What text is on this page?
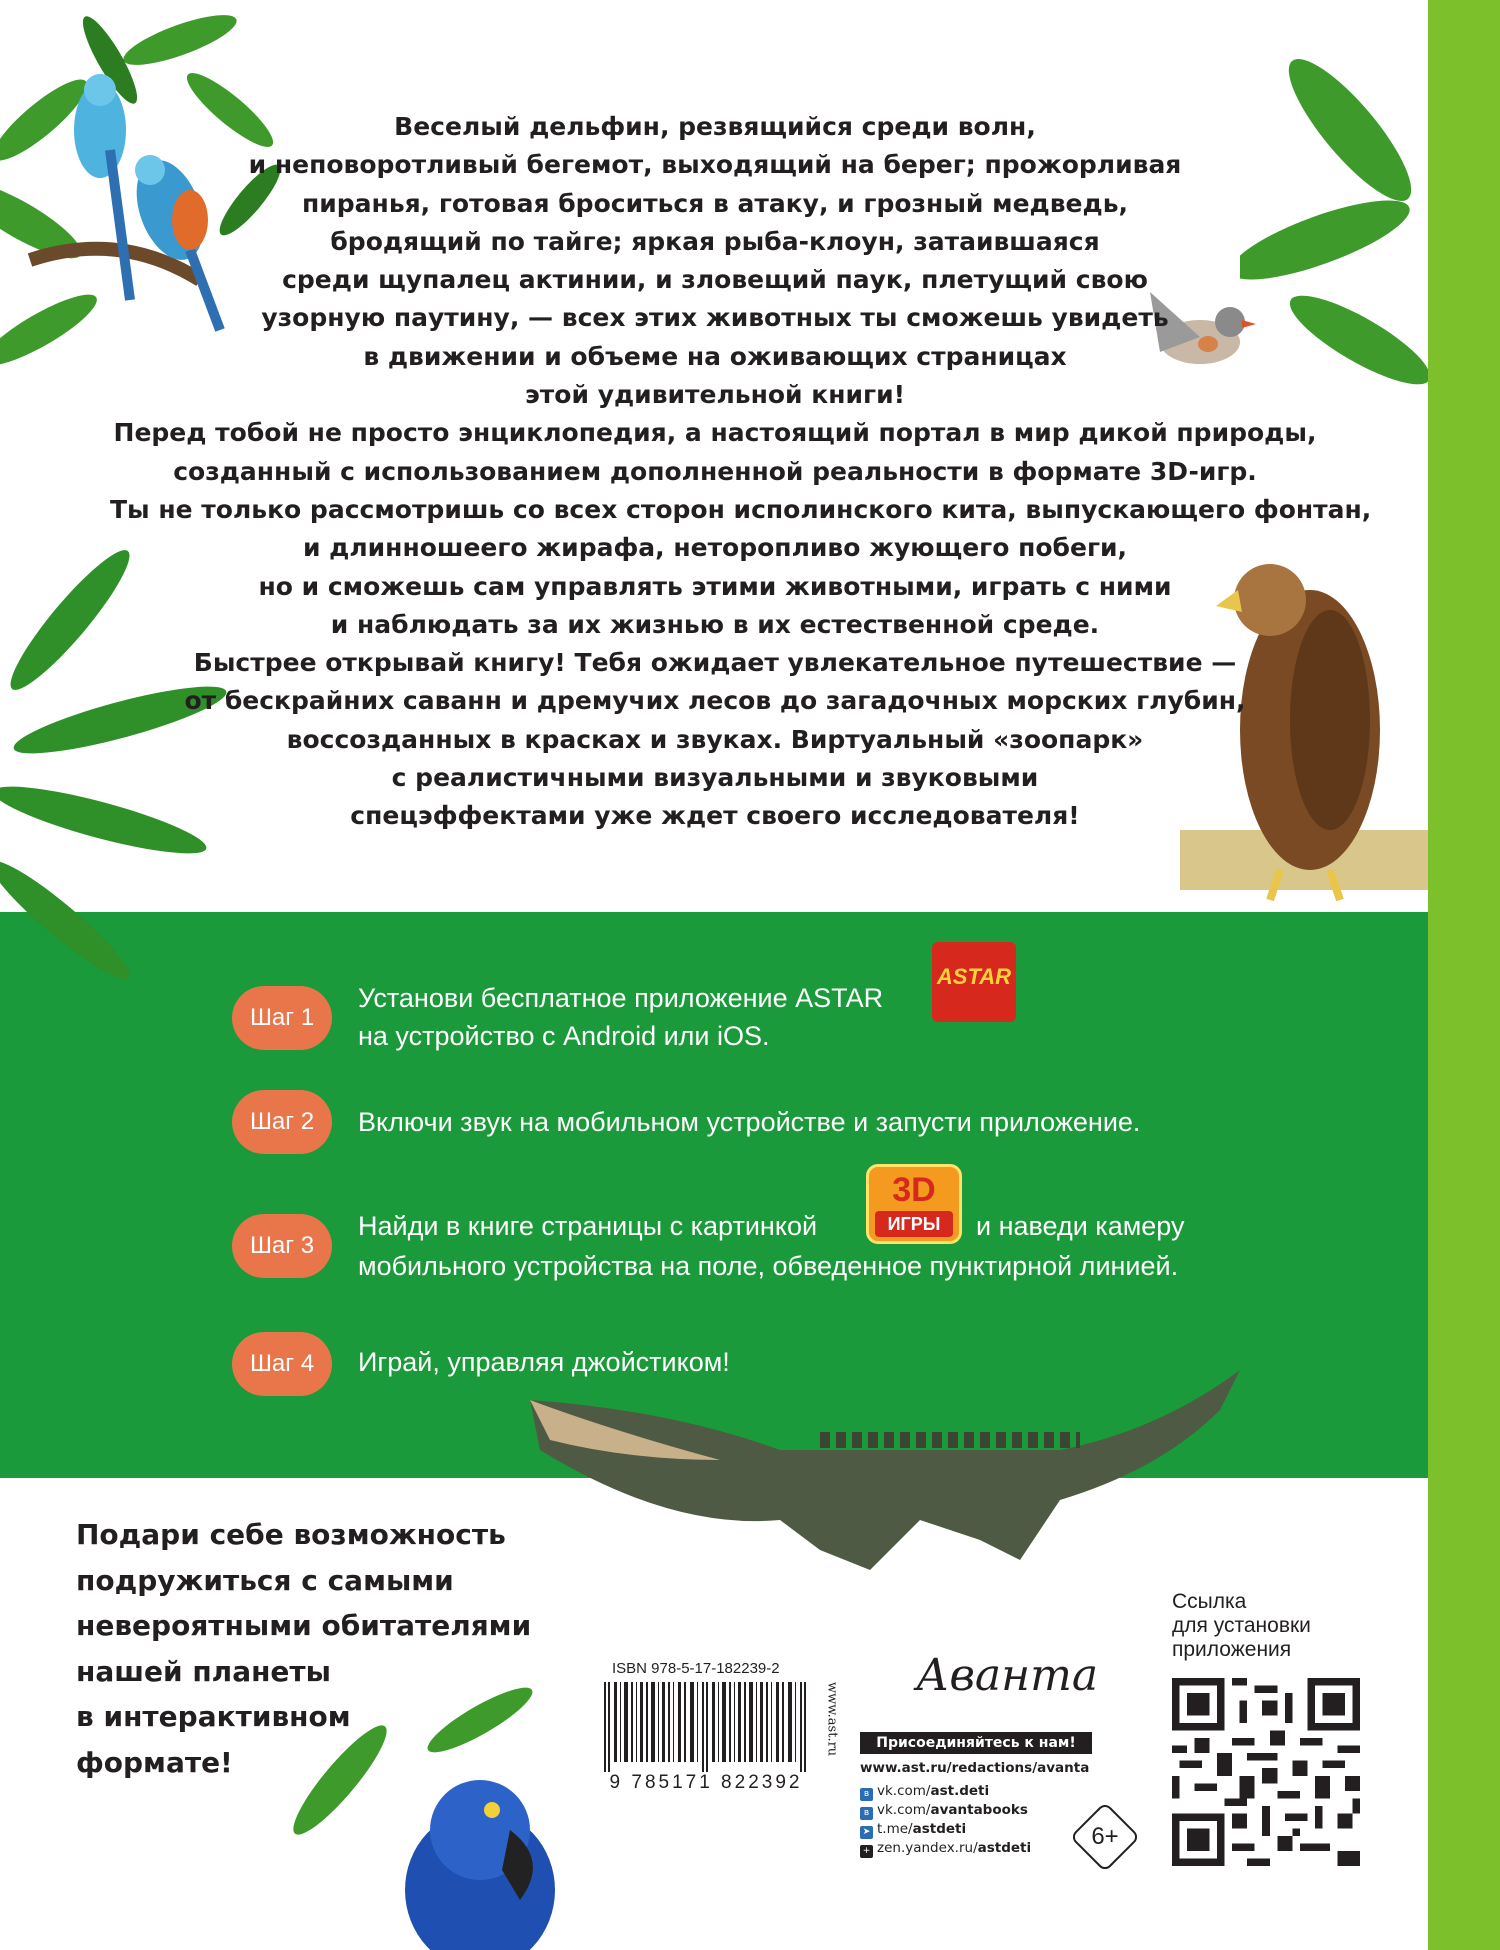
Веселый дельфин, резвящийся среди волн,
и неповоротливый бегемот, выходящий на берег; прожорливая
пиранья, готовая броситься в атаку, и грозный медведь,
бродящий по тайге; яркая рыба-клоун, затаившаяся
среди щупалец актинии, и зловещий паук, плетущий свою
узорную паутину, — всех этих животных ты сможешь увидеть
в движении и объеме на оживающих страницах
этой удивительной книги!
Перед тобой не просто энциклопедия, а настоящий портал в мир дикой природы,
созданный с использованием дополненной реальности в формате 3D-игр.
Ты не только рассмотришь со всех сторон исполинского кита, выпускающего фонтан,
и длинношеего жирафа, неторопливо жующего побеги,
но и сможешь сам управлять этими животными, играть с ними
и наблюдать за их жизнью в их естественной среде.
Быстрее открывай книгу! Тебя ожидает увлекательное путешествие —
от бескрайних саванн и дремучих лесов до загадочных морских глубин,
воссозданных в красках и звуках. Виртуальный «зоопарк»
с реалистичными визуальными и звуковыми
спецэффектами уже ждет своего исследователя!
Шаг 1
Установи бесплатное приложение ASTAR
на устройство с Android или iOS.
ASTAR
Шаг 2	Включи звук на мобильном устройстве и запусти приложение.
Шаг 3
Найди в книге страницы с картинкой
3D
ИГРЫ	и наведи камеру
мобильного устройства на поле, обведенное пунктирной линией.
Шаг 4	Играй, управляя джойстиком!
Подари себе возможность
подружиться с самыми
невероятными обитателями
нашей планеты
в интерактивном
формате!
ISBN 978-5-17-182239-2
9 785171 822392
www.ast.ru
Аванта
Присоединяйтесь к нам!
www.ast.ru/redactions/avanta
в vk.com/ast.deti
в vk.com/avantabooks
➤ t.me/astdeti
+ zen.yandex.ru/astdeti	6+
Ссылка
для установки
приложения
